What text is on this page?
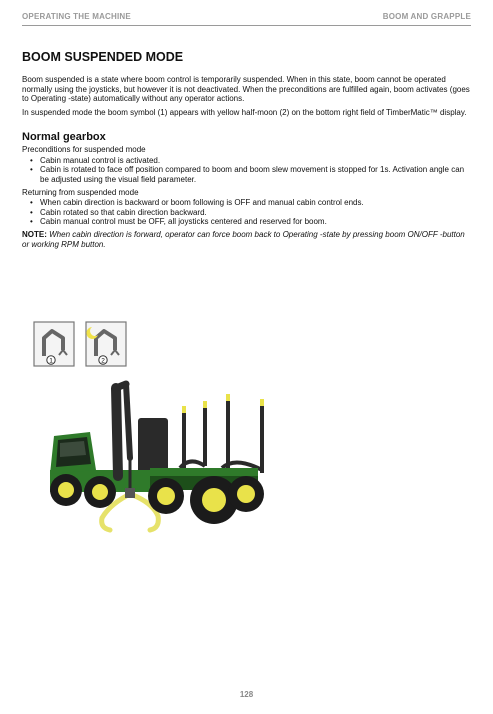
OPERATING THE MACHINE	BOOM AND GRAPPLE
BOOM SUSPENDED MODE

Boom suspended is a state where boom control is temporarily suspended. When in this state, boom cannot be operated normally using the joysticks, but however it is not deactivated. When the preconditions are fulfilled again, boom activates (goes to Operating -state) automatically without any operator actions.

In suspended mode the boom symbol (1) appears with yellow half-moon (2) on the bottom right field of TimberMatic™ display.

Normal gearbox

Preconditions for suspended mode

• Cabin manual control is activated.
• Cabin is rotated to face off position compared to boom and boom slew movement is stopped for 1s. Activation angle can be adjusted using the visual field parameter.

Returning from suspended mode

• When cabin direction is backward or boom following is OFF and manual cabin control ends.
• Cabin rotated so that cabin direction backward.
• Cabin manual control must be OFF, all joysticks centered and reserved for boom.

NOTE: When cabin direction is forward, operator can force boom back to Operating -state by pressing boom ON/OFF -button or working RPM button.

1	2
128
